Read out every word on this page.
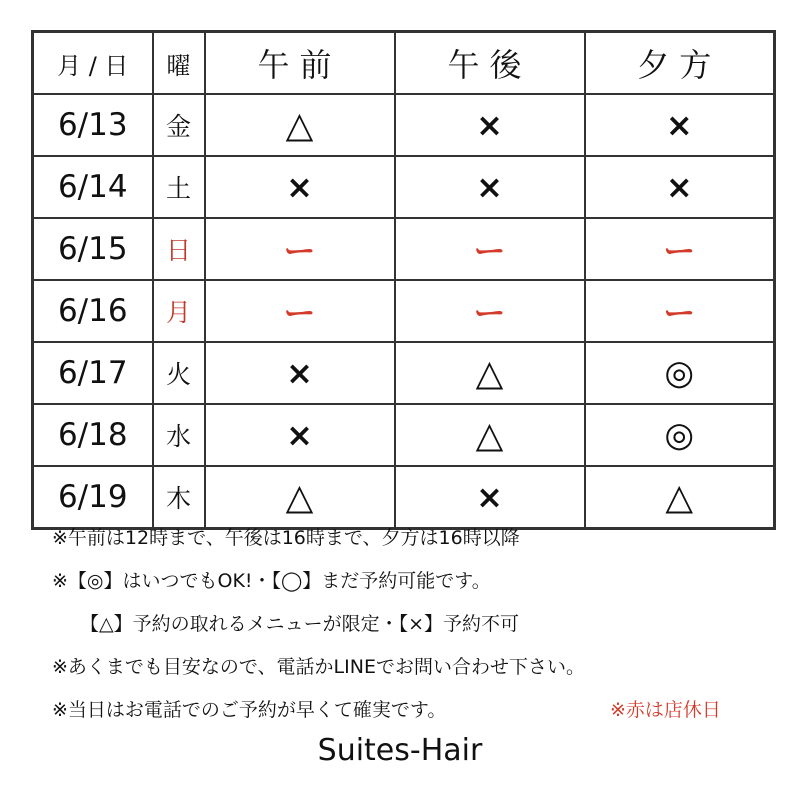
月 / 日	曜	午前	午後	夕方
6/13	金	△	×	×
6/14	土	×	×	×
6/15	日	ー	ー	ー
6/16	月	ー	ー	ー
6/17	火	×	△	◎
6/18	水	×	△	◎
6/19	木	△	×	△
※午前は12時まで、午後は16時まで、夕方は16時以降
※【◎】はいつでもOK!・【◯】まだ予約可能です。
【△】予約の取れるメニューが限定・【×】予約不可
※あくまでも目安なので、電話かLINEでお問い合わせ下さい。
※当日はお電話でのご予約が早くて確実です。	※赤は店休日
Suites-Hair
